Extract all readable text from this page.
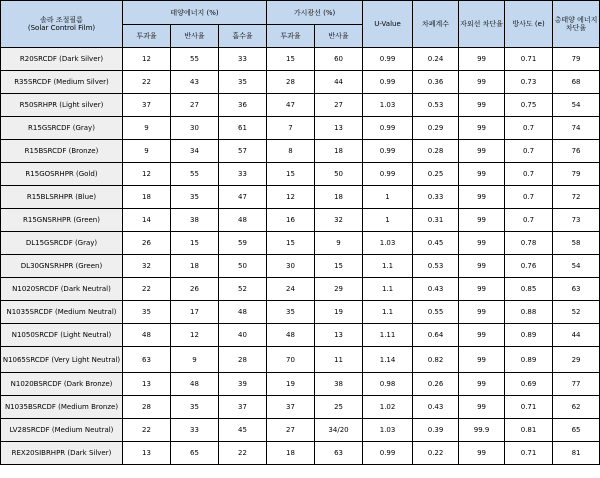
솔라 조절필름
(Solar Control Film)	태양에너지 (%)			가시광선 (%)		U-Value	차폐계수	자외선 차단율	방사도 (e)	총태양 에너지 차단율
	투과율	반사율	흡수율	투과율	반사율					
R20SRCDF (Dark Silver)	12	55	33	15	60	0.99	0.24	99	0.71	79
R35SRCDF (Medium Silver)	22	43	35	28	44	0.99	0.36	99	0.73	68
R50SRHPR (Light silver)	37	27	36	47	27	1.03	0.53	99	0.75	54
R15GSRCDF (Gray)	9	30	61	7	13	0.99	0.29	99	0.7	74
R15BSRCDF (Bronze)	9	34	57	8	18	0.99	0.28	99	0.7	76
R15GOSRHPR (Gold)	12	55	33	15	50	0.99	0.25	99	0.7	79
R15BLSRHPR (Blue)	18	35	47	12	18	1	0.33	99	0.7	72
R15GNSRHPR (Green)	14	38	48	16	32	1	0.31	99	0.7	73
DL15GSRCDF (Gray)	26	15	59	15	9	1.03	0.45	99	0.78	58
DL30GNSRHPR (Green)	32	18	50	30	15	1.1	0.53	99	0.76	54
N1020SRCDF (Dark Neutral)	22	26	52	24	29	1.1	0.43	99	0.85	63
N1035SRCDF (Medium Neutral)	35	17	48	35	19	1.1	0.55	99	0.88	52
N1050SRCDF (Light Neutral)	48	12	40	48	13	1.11	0.64	99	0.89	44
N1065SRCDF (Very Light Neutral)	63	9	28	70	11	1.14	0.82	99	0.89	29
N1020BSRCDF (Dark Bronze)	13	48	39	19	38	0.98	0.26	99	0.69	77
N1035BSRCDF (Medium Bronze)	28	35	37	37	25	1.02	0.43	99	0.71	62
LV28SRCDF (Medium Neutral)	22	33	45	27	34/20	1.03	0.39	99.9	0.81	65
REX20SIBRHPR (Dark Silver)	13	65	22	18	63	0.99	0.22	99	0.71	81
